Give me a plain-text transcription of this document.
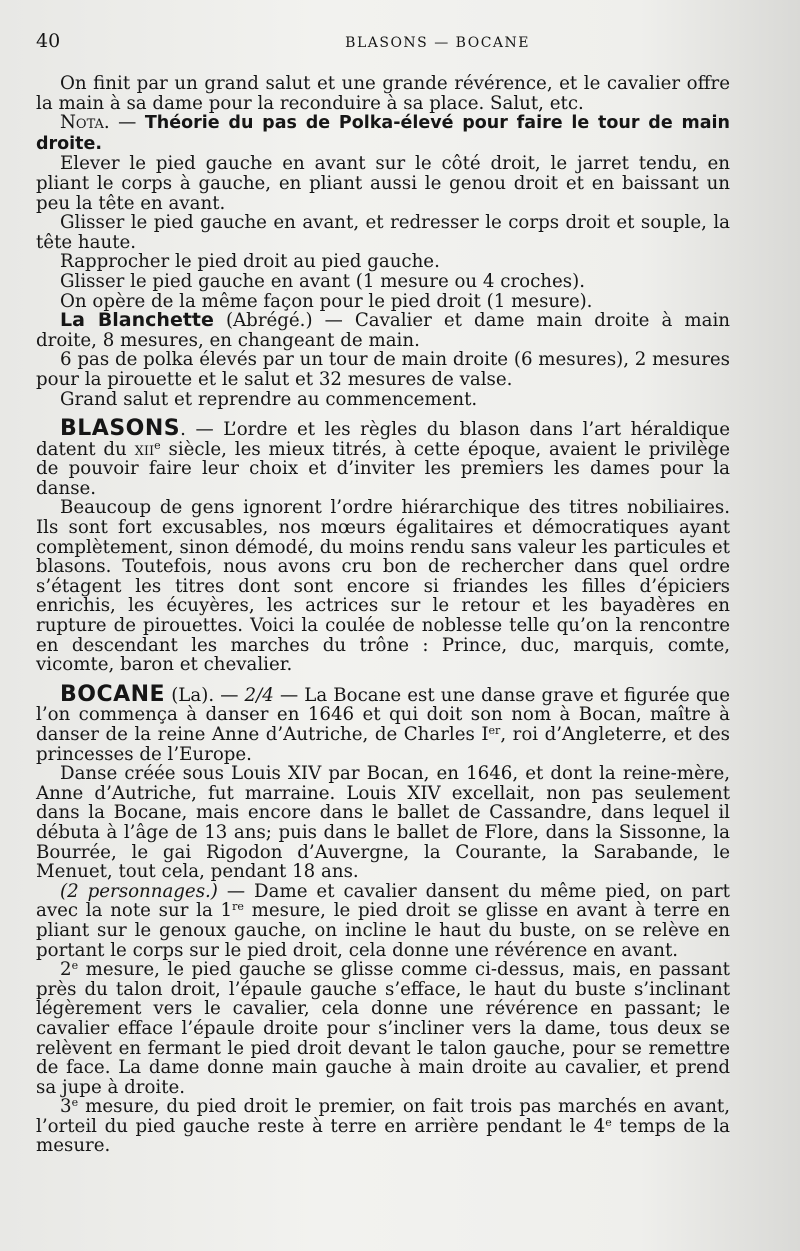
40	BLASONS — BOCANE

On finit par un grand salut et une grande révérence, et le cavalier offre la main à sa dame pour la reconduire à sa place. Salut, etc.

Nota. — Théorie du pas de Polka-élevé pour faire le tour de main droite.

Elever le pied gauche en avant sur le côté droit, le jarret tendu, en pliant le corps à gauche, en pliant aussi le genou droit et en baissant un peu la tête en avant.

Glisser le pied gauche en avant, et redresser le corps droit et souple, la tête haute.

Rapprocher le pied droit au pied gauche.

Glisser le pied gauche en avant (1 mesure ou 4 croches).

On opère de la même façon pour le pied droit (1 mesure).

La Blanchette (Abrégé.) — Cavalier et dame main droite à main droite, 8 mesures, en changeant de main.

6 pas de polka élevés par un tour de main droite (6 mesures), 2 mesures pour la pirouette et le salut et 32 mesures de valse.

Grand salut et reprendre au commencement.

BLASONS. — L’ordre et les règles du blason dans l’art héraldique datent du xii$^e$ siècle, les mieux titrés, à cette époque, avaient le privilège de pouvoir faire leur choix et d’inviter les premiers les dames pour la danse.

Beaucoup de gens ignorent l’ordre hiérarchique des titres nobiliaires. Ils sont fort excusables, nos mœurs égalitaires et démocratiques ayant complètement, sinon démodé, du moins rendu sans valeur les particules et blasons. Toutefois, nous avons cru bon de rechercher dans quel ordre s’étagent les titres dont sont encore si friandes les filles d’épiciers enrichis, les écuyères, les actrices sur le retour et les bayadères en rupture de pirouettes. Voici la coulée de noblesse telle qu’on la rencontre en descendant les marches du trône : Prince, duc, marquis, comte, vicomte, baron et chevalier.

BOCANE (La). — 2/4 — La Bocane est une danse grave et figurée que l’on commença à danser en 1646 et qui doit son nom à Bocan, maître à danser de la reine Anne d’Autriche, de Charles Ier, roi d’Angleterre, et des princesses de l’Europe.

Danse créée sous Louis XIV par Bocan, en 1646, et dont la reine-mère, Anne d’Autriche, fut marraine. Louis XIV excellait, non pas seulement dans la Bocane, mais encore dans le ballet de Cassandre, dans lequel il débuta à l’âge de 13 ans; puis dans le ballet de Flore, dans la Sissonne, la Bourrée, le gai Rigodon d’Auvergne, la Courante, la Sarabande, le Menuet, tout cela, pendant 18 ans.

(2 personnages.) — Dame et cavalier dansent du même pied, on part avec la note sur la 1re mesure, le pied droit se glisse en avant à terre en pliant sur le genoux gauche, on incline le haut du buste, on se relève en portant le corps sur le pied droit, cela donne une révérence en avant.

2e mesure, le pied gauche se glisse comme ci-dessus, mais, en passant près du talon droit, l’épaule gauche s’efface, le haut du buste s’inclinant légèrement vers le cavalier, cela donne une révérence en passant; le cavalier efface l’épaule droite pour s’incliner vers la dame, tous deux se relèvent en fermant le pied droit devant le talon gauche, pour se remettre de face. La dame donne main gauche à main droite au cavalier, et prend sa jupe à droite.

3e mesure, du pied droit le premier, on fait trois pas marchés en avant, l’orteil du pied gauche reste à terre en arrière pendant le 4e temps de la mesure.
